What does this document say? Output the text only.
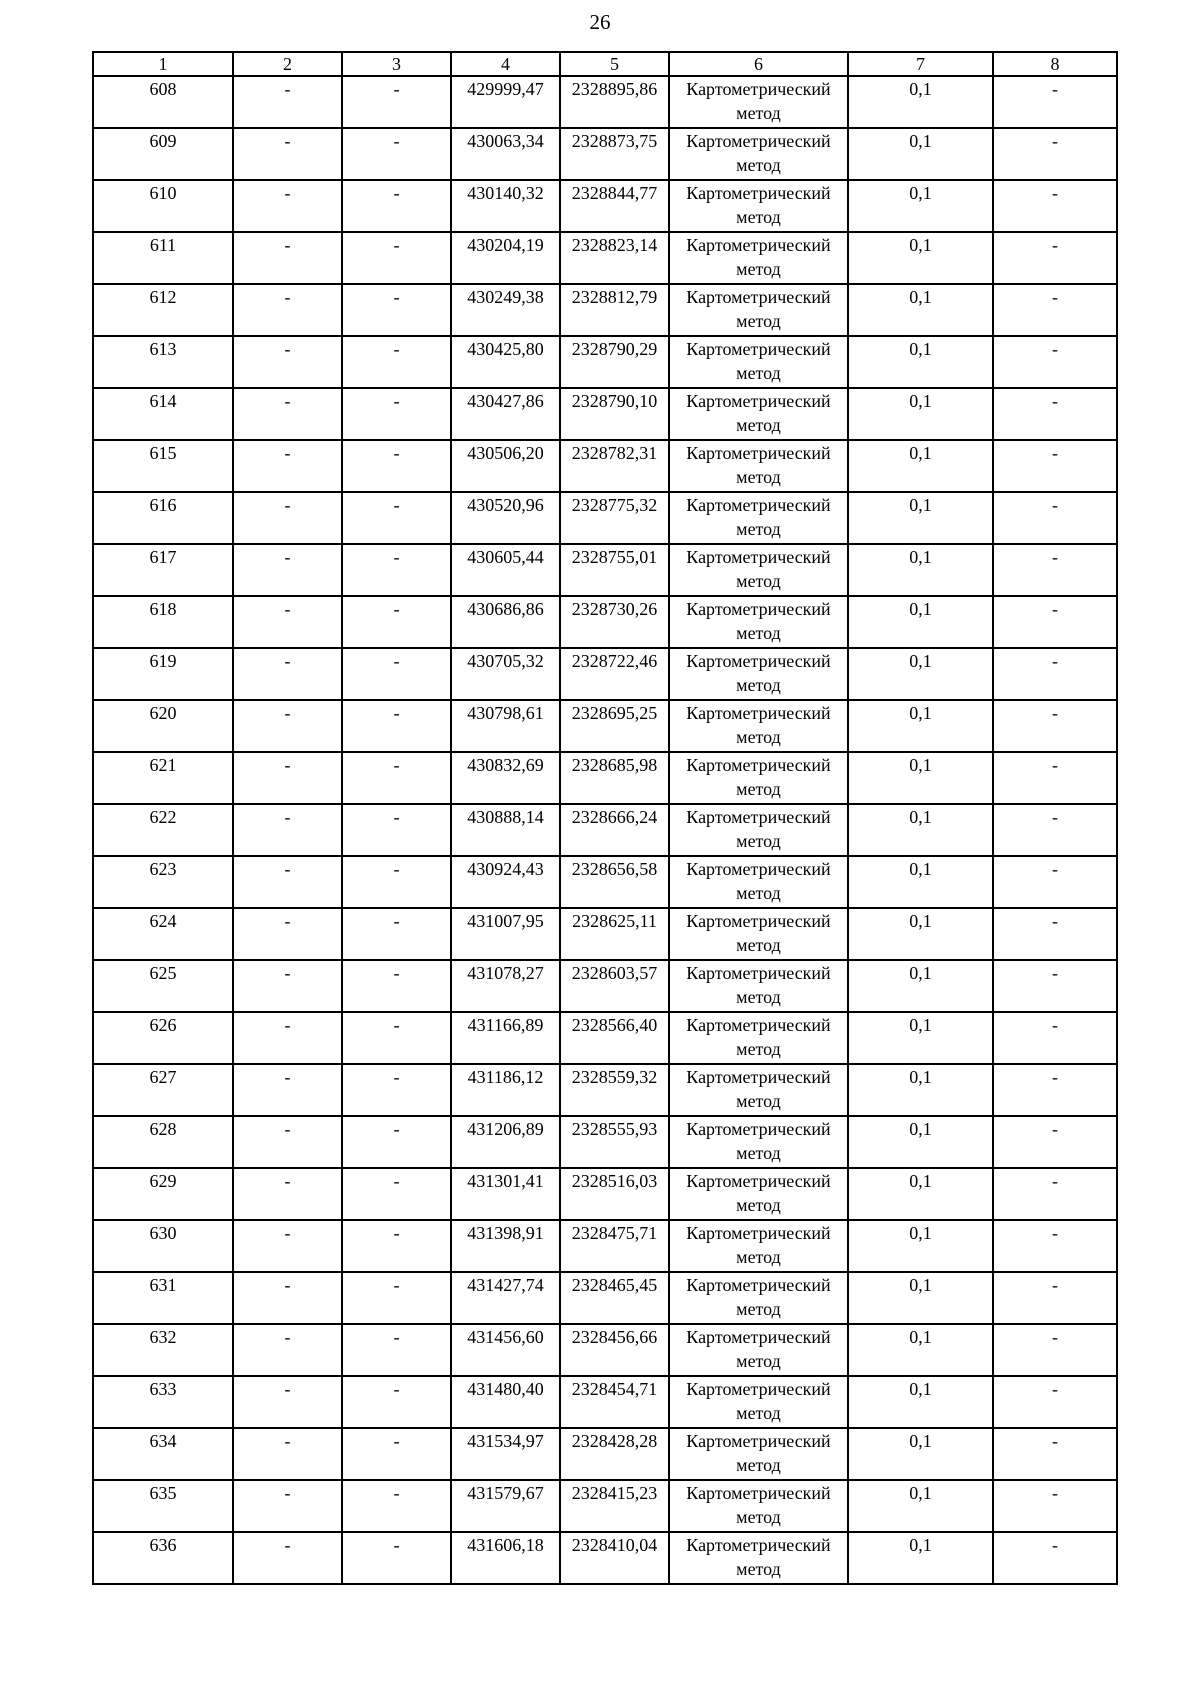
26
1	2	3	4	5	6	7	8
608	-	-	429999,47	2328895,86	Картометрический метод	0,1	-
609	-	-	430063,34	2328873,75	Картометрический метод	0,1	-
610	-	-	430140,32	2328844,77	Картометрический метод	0,1	-
611	-	-	430204,19	2328823,14	Картометрический метод	0,1	-
612	-	-	430249,38	2328812,79	Картометрический метод	0,1	-
613	-	-	430425,80	2328790,29	Картометрический метод	0,1	-
614	-	-	430427,86	2328790,10	Картометрический метод	0,1	-
615	-	-	430506,20	2328782,31	Картометрический метод	0,1	-
616	-	-	430520,96	2328775,32	Картометрический метод	0,1	-
617	-	-	430605,44	2328755,01	Картометрический метод	0,1	-
618	-	-	430686,86	2328730,26	Картометрический метод	0,1	-
619	-	-	430705,32	2328722,46	Картометрический метод	0,1	-
620	-	-	430798,61	2328695,25	Картометрический метод	0,1	-
621	-	-	430832,69	2328685,98	Картометрический метод	0,1	-
622	-	-	430888,14	2328666,24	Картометрический метод	0,1	-
623	-	-	430924,43	2328656,58	Картометрический метод	0,1	-
624	-	-	431007,95	2328625,11	Картометрический метод	0,1	-
625	-	-	431078,27	2328603,57	Картометрический метод	0,1	-
626	-	-	431166,89	2328566,40	Картометрический метод	0,1	-
627	-	-	431186,12	2328559,32	Картометрический метод	0,1	-
628	-	-	431206,89	2328555,93	Картометрический метод	0,1	-
629	-	-	431301,41	2328516,03	Картометрический метод	0,1	-
630	-	-	431398,91	2328475,71	Картометрический метод	0,1	-
631	-	-	431427,74	2328465,45	Картометрический метод	0,1	-
632	-	-	431456,60	2328456,66	Картометрический метод	0,1	-
633	-	-	431480,40	2328454,71	Картометрический метод	0,1	-
634	-	-	431534,97	2328428,28	Картометрический метод	0,1	-
635	-	-	431579,67	2328415,23	Картометрический метод	0,1	-
636	-	-	431606,18	2328410,04	Картометрический метод	0,1	-
